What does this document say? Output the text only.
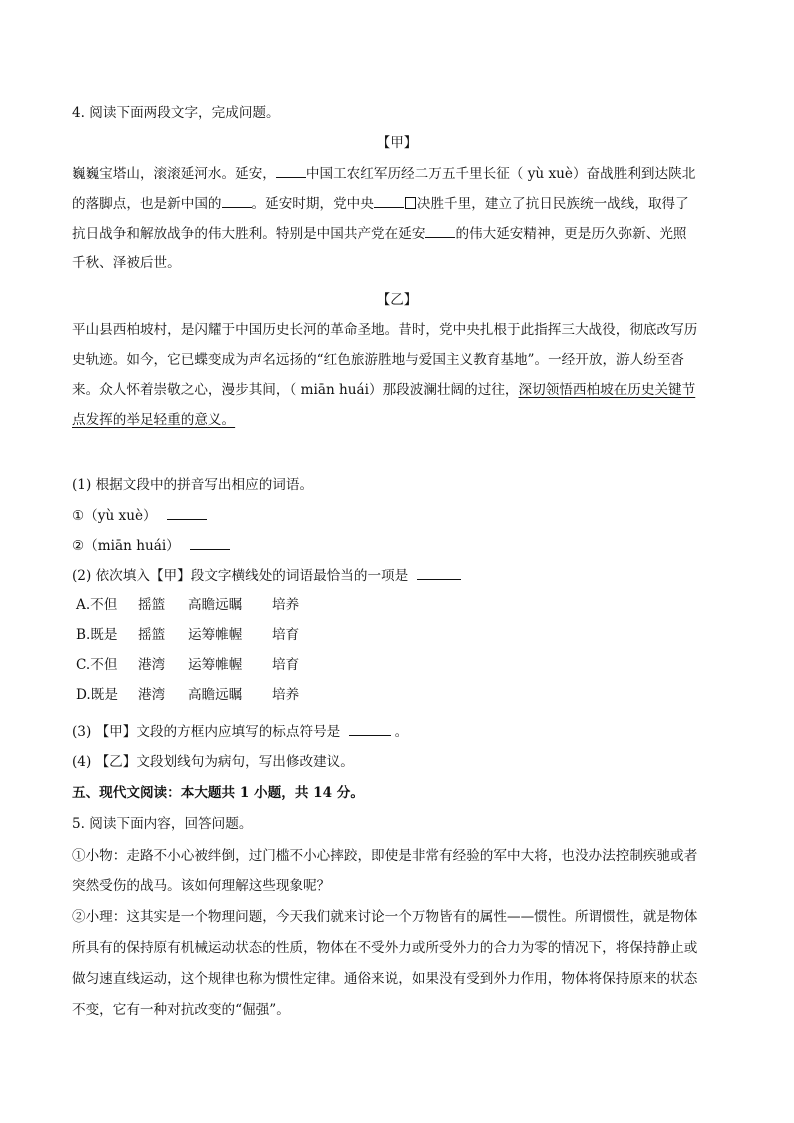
4. 阅读下面两段文字，完成问题。
【甲】
巍巍宝塔山，滚滚延河水。延安， 中国工农红军历经二万五千里长征（ yù xuè）奋战胜利到达陕北
的落脚点，也是新中国的 。延安时期，党中央	决胜千里，建立了抗日民族统一战线，取得了
抗日战争和解放战争的伟大胜利。特别是中国共产党在延安 的伟大延安精神，更是历久弥新、光照
千秋、泽被后世。
【乙】
平山县西柏坡村，是闪耀于中国历史长河的革命圣地。昔时，党中央扎根于此指挥三大战役，彻底改写历
史轨迹。如今，它已蝶变成为声名远扬的“红色旅游胜地与爱国主义教育基地”。一经开放，游人纷至沓
来。众人怀着崇敬之心，漫步其间，（ miān huái）那段波澜壮阔的过往，深切领悟西柏坡在历史关键节
点发挥的举足轻重的意义。
(1) 根据文段中的拼音写出相应的词语。
①（yù xuè）
②（miān huái）
(2) 依次填入【甲】段文字横线处的词语最恰当的一项是
A.不但 摇篮 高瞻远瞩 培养
B.既是 摇篮 运筹帷幄 培育
C.不但 港湾 运筹帷幄 培育
D.既是 港湾 高瞻远瞩 培养
(3) 【甲】文段的方框内应填写的标点符号是	。
(4) 【乙】文段划线句为病句，写出修改建议。
五、现代文阅读：本大题共 1 小题，共 14 分。
5. 阅读下面内容，回答问题。
①小物：走路不小心被绊倒，过门槛不小心摔跤，即使是非常有经验的军中大将，也没办法控制疾驰或者
突然受伤的战马。该如何理解这些现象呢？
②小理：这其实是一个物理问题，今天我们就来讨论一个万物皆有的属性——惯性。所谓惯性，就是物体
所具有的保持原有机械运动状态的性质，物体在不受外力或所受外力的合力为零的情况下，将保持静止或
做匀速直线运动，这个规律也称为惯性定律。通俗来说，如果没有受到外力作用，物体将保持原来的状态
不变，它有一种对抗改变的“倔强”。
